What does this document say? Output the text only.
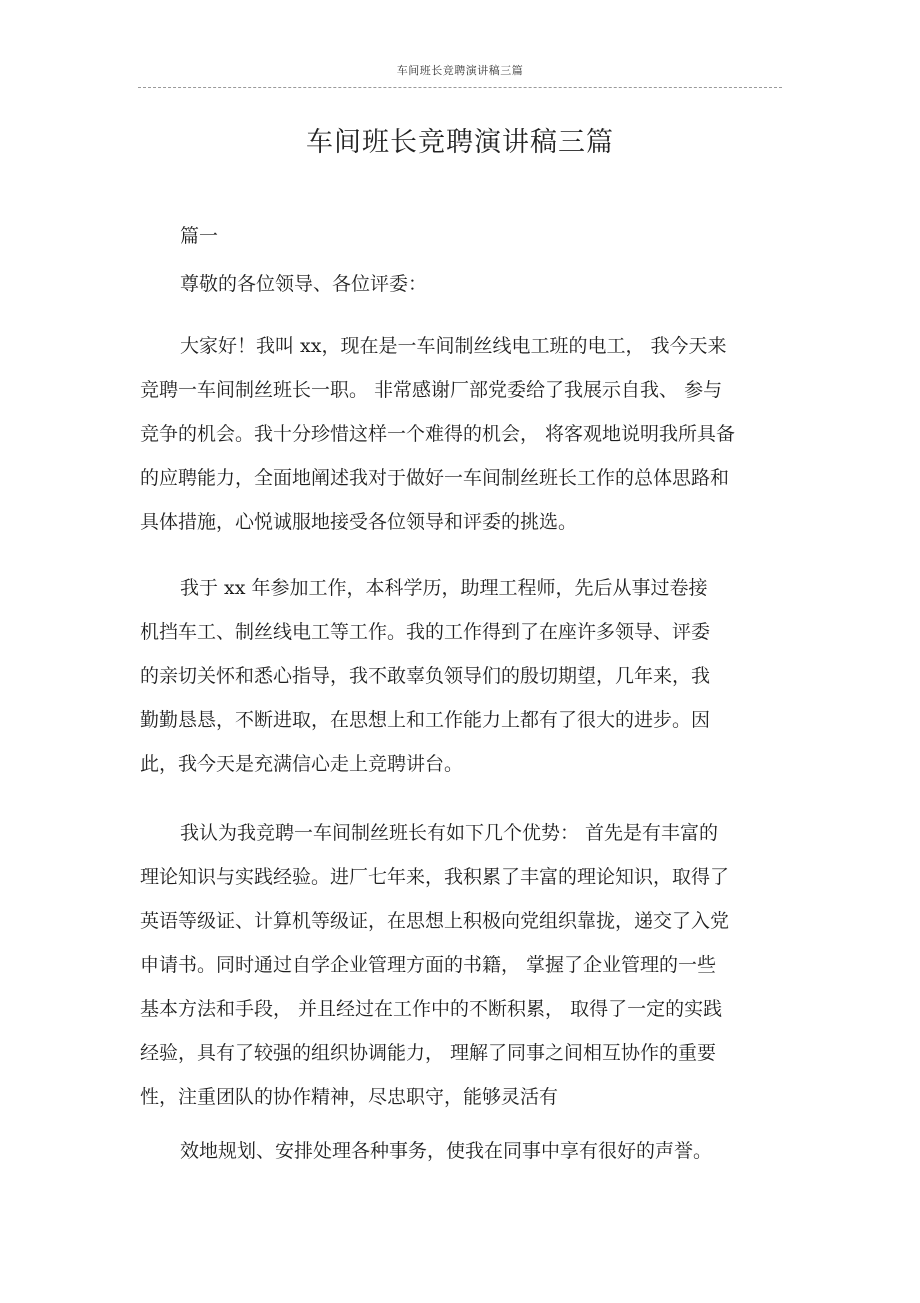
车间班长竞聘演讲稿三篇
车间班长竞聘演讲稿三篇
篇一
尊敬的各位领导、各位评委：
大家好！我叫 xx，现在是一车间制丝线电工班的电工， 我今天来
竞聘一车间制丝班长一职。 非常感谢厂部党委给了我展示自我、 参与
竞争的机会。我十分珍惜这样一个难得的机会， 将客观地说明我所具备
的应聘能力，全面地阐述我对于做好一车间制丝班长工作的总体思路和
具体措施，心悦诚服地接受各位领导和评委的挑选。
我于 xx 年参加工作，本科学历，助理工程师，先后从事过卷接
机挡车工、制丝线电工等工作。我的工作得到了在座许多领导、评委
的亲切关怀和悉心指导，我不敢辜负领导们的殷切期望，几年来，我
勤勤恳恳，不断进取，在思想上和工作能力上都有了很大的进步。因
此，我今天是充满信心走上竞聘讲台。
我认为我竞聘一车间制丝班长有如下几个优势： 首先是有丰富的
理论知识与实践经验。进厂七年来，我积累了丰富的理论知识，取得了
英语等级证、计算机等级证，在思想上积极向党组织靠拢，递交了入党
申请书。同时通过自学企业管理方面的书籍， 掌握了企业管理的一些
基本方法和手段， 并且经过在工作中的不断积累， 取得了一定的实践
经验，具有了较强的组织协调能力， 理解了同事之间相互协作的重要
性，注重团队的协作精神，尽忠职守，能够灵活有
效地规划、安排处理各种事务，使我在同事中享有很好的声誉。
